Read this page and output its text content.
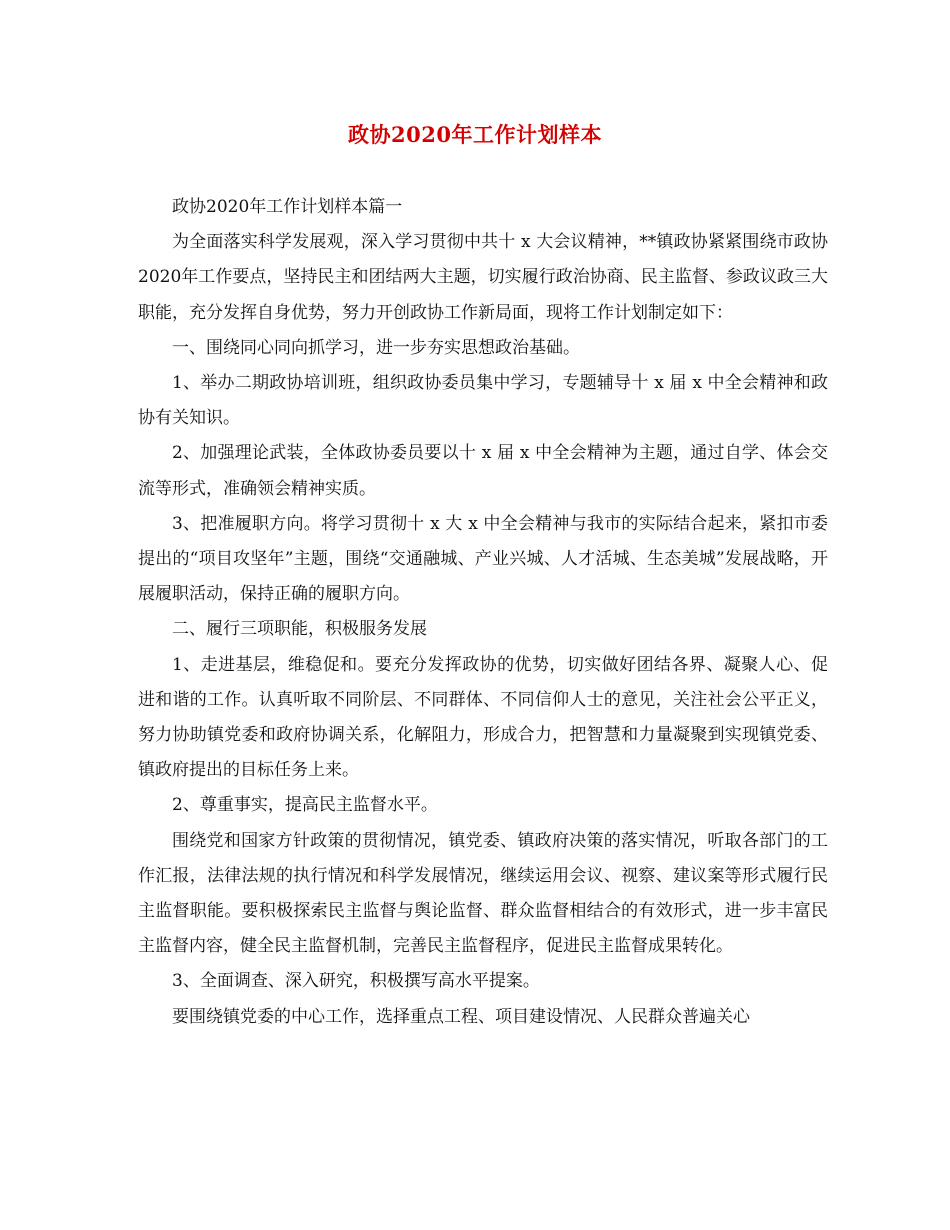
政协2020年工作计划样本

政协2020年工作计划样本篇一

为全面落实科学发展观，深入学习贯彻中共十 x 大会议精神，**镇政协紧紧围绕市政协2020年工作要点，坚持民主和团结两大主题，切实履行政治协商、民主监督、参政议政三大职能，充分发挥自身优势，努力开创政协工作新局面，现将工作计划制定如下：

一、围绕同心同向抓学习，进一步夯实思想政治基础。

1、举办二期政协培训班，组织政协委员集中学习，专题辅导十 x 届 x 中全会精神和政协有关知识。

2、加强理论武装，全体政协委员要以十 x 届 x 中全会精神为主题，通过自学、体会交流等形式，准确领会精神实质。

3、把准履职方向。将学习贯彻十 x 大 x 中全会精神与我市的实际结合起来，紧扣市委提出的“项目攻坚年”主题，围绕“交通融城、产业兴城、人才活城、生态美城”发展战略，开展履职活动，保持正确的履职方向。

二、履行三项职能，积极服务发展

1、走进基层，维稳促和。要充分发挥政协的优势，切实做好团结各界、凝聚人心、促进和谐的工作。认真听取不同阶层、不同群体、不同信仰人士的意见，关注社会公平正义，努力协助镇党委和政府协调关系，化解阻力，形成合力，把智慧和力量凝聚到实现镇党委、镇政府提出的目标任务上来。

2、尊重事实，提高民主监督水平。

围绕党和国家方针政策的贯彻情况，镇党委、镇政府决策的落实情况，听取各部门的工作汇报，法律法规的执行情况和科学发展情况，继续运用会议、视察、建议案等形式履行民主监督职能。要积极探索民主监督与舆论监督、群众监督相结合的有效形式，进一步丰富民主监督内容，健全民主监督机制，完善民主监督程序，促进民主监督成果转化。

3、全面调查、深入研究，积极撰写高水平提案。

要围绕镇党委的中心工作，选择重点工程、项目建设情况、人民群众普遍关心
